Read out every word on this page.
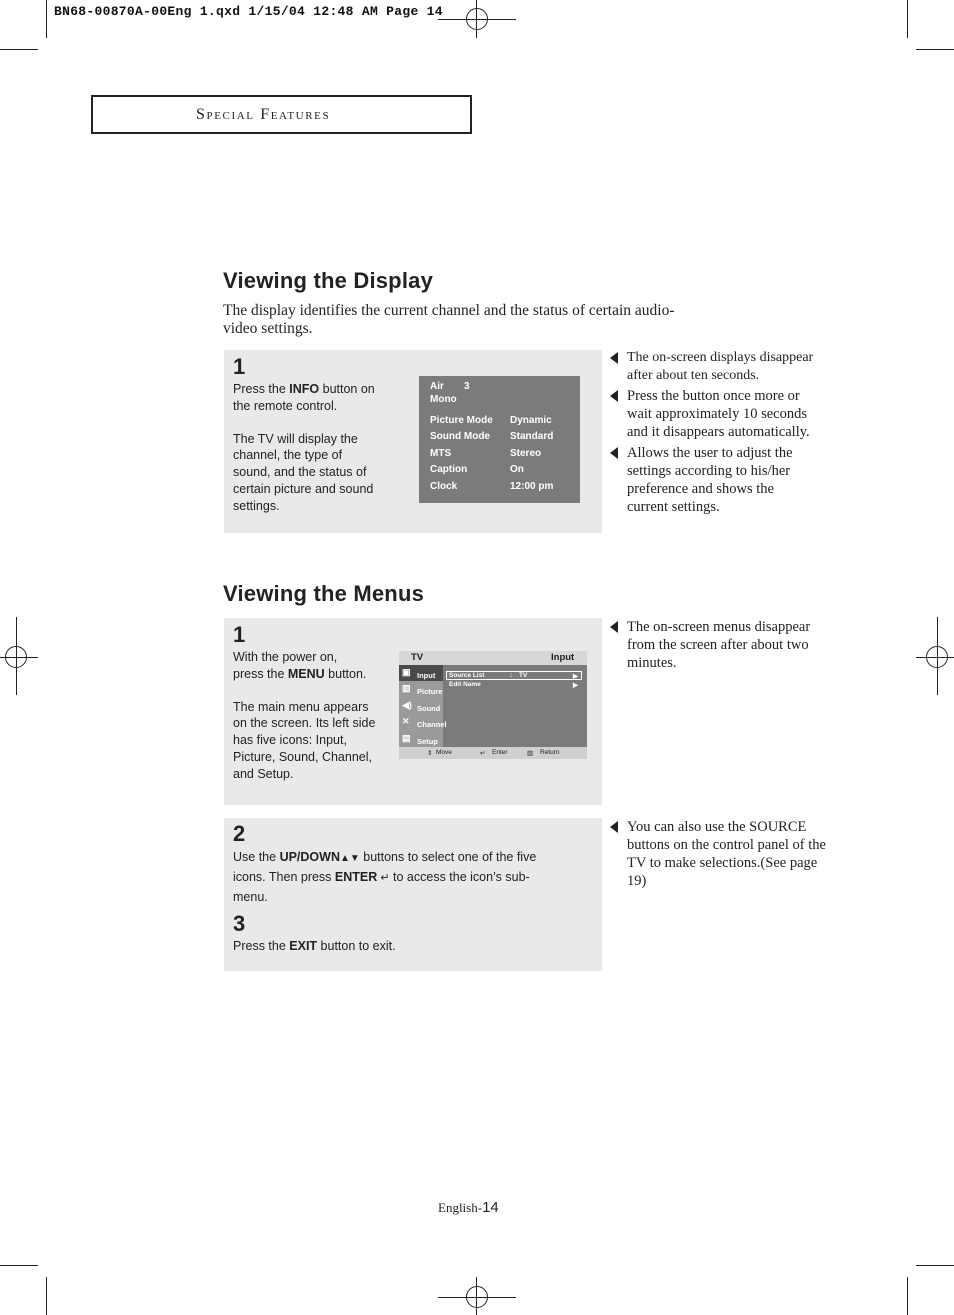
BN68-00870A-00Eng 1.qxd 1/15/04 12:48 AM Page 14
Special Features
Viewing the Display
The display identifies the current channel and the status of certain audio-video settings.
1
Press the INFO button on the remote control.
The TV will display the channel, the type of sound, and the status of certain picture and sound settings.
Air 3
Mono
Picture Mode Dynamic
Sound Mode Standard
MTS	Stereo
Caption	On
Clock	12:00 pm
The on-screen displays disappear after about ten seconds.
Press the button once more or wait approximately 10 seconds and it disappears automatically.
Allows the user to adjust the settings according to his/her preference and shows the current settings.
Viewing the Menus
1
With the power on,
press the MENU button.
The main menu appears on the screen. Its left side has five icons: Input, Picture, Sound, Channel, and Setup.
TV	Input
▣ Input
▥ Picture
◀) Sound
✕ Channel
▤ Setup
Source List	: TV	▶
Edit Name	▶
⇕ Move	↵ Enter	▥ Return
2
Use the UP/DOWN▲▼ buttons to select one of the five icons. Then press ENTER ↵ to access the icon’s sub-menu.
3
Press the EXIT button to exit.
The on-screen menus disappear from the screen after about two minutes.
You can also use the SOURCE buttons on the control panel of the TV to make selections.(See page 19)
English-14
